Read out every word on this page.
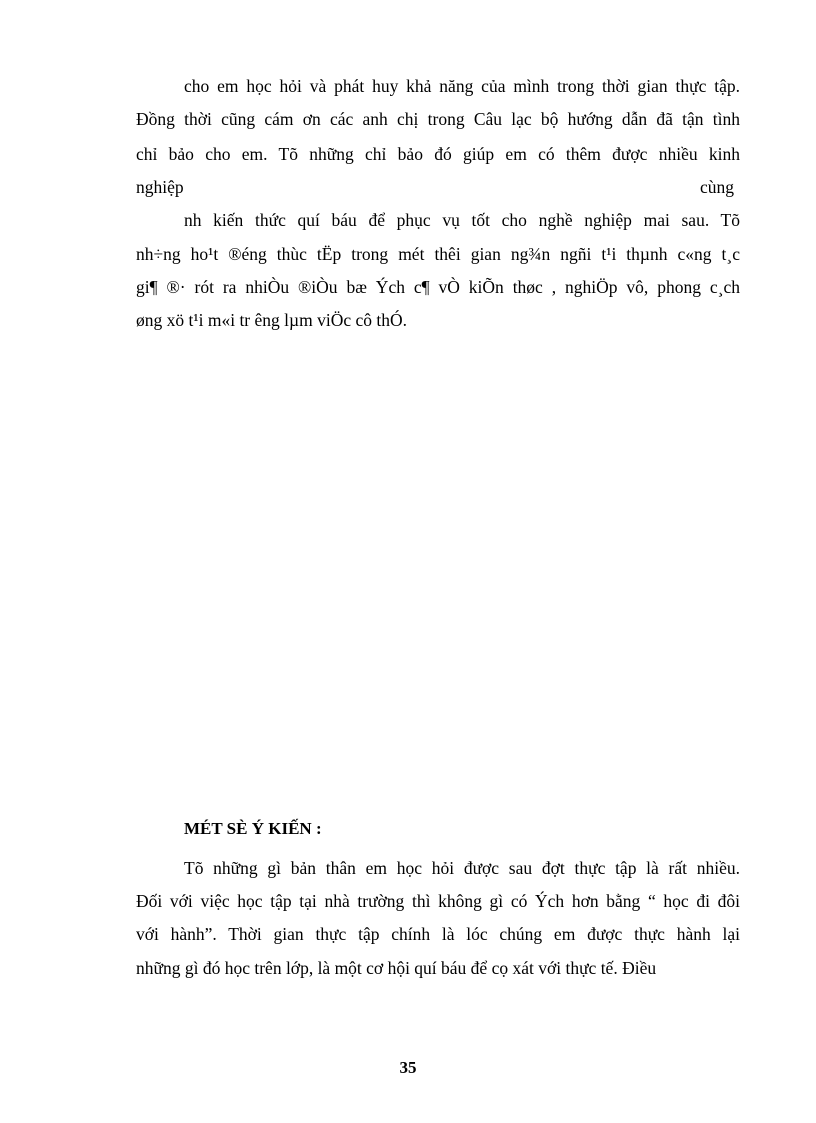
cho em học hỏi và phát huy khả năng của mình trong thời gian thực tập.
Đồng thời cũng cám ơn các anh chị trong Câu lạc bộ hướng dẫn đã tận tình
chỉ bảo cho em. Tõ những chỉ bảo đó giúp em có thêm được nhiều kinh
nghiệp	cùng
nh kiến thức quí báu để phục vụ tốt cho nghề nghiệp mai sau. Tõ
nh÷ng ho¹t ®éng thùc tËp trong mét thêi gian ng¾n ngñi t¹i thµnh c«ng t¸c
gi¶ ®· rót ra nhiÒu ®iÒu bæ Ých c¶ vÒ kiÕn thøc , nghiÖp vô, phong c¸ch
øng xö t¹i m«i tr êng lµm viÖc cô thÓ.
MÉT SÈ Ý KIẾN :
Tõ những gì bản thân em học hỏi được sau đợt thực tập là rất nhiều.
Đối với việc học tập tại nhà trường thì không gì có Ých hơn bằng “ học đi đôi
với hành”. Thời gian thực tập chính là lóc chúng em được thực hành lại
những gì đó học trên lớp, là một cơ hội quí báu để cọ xát với thực tế. Điều
35
